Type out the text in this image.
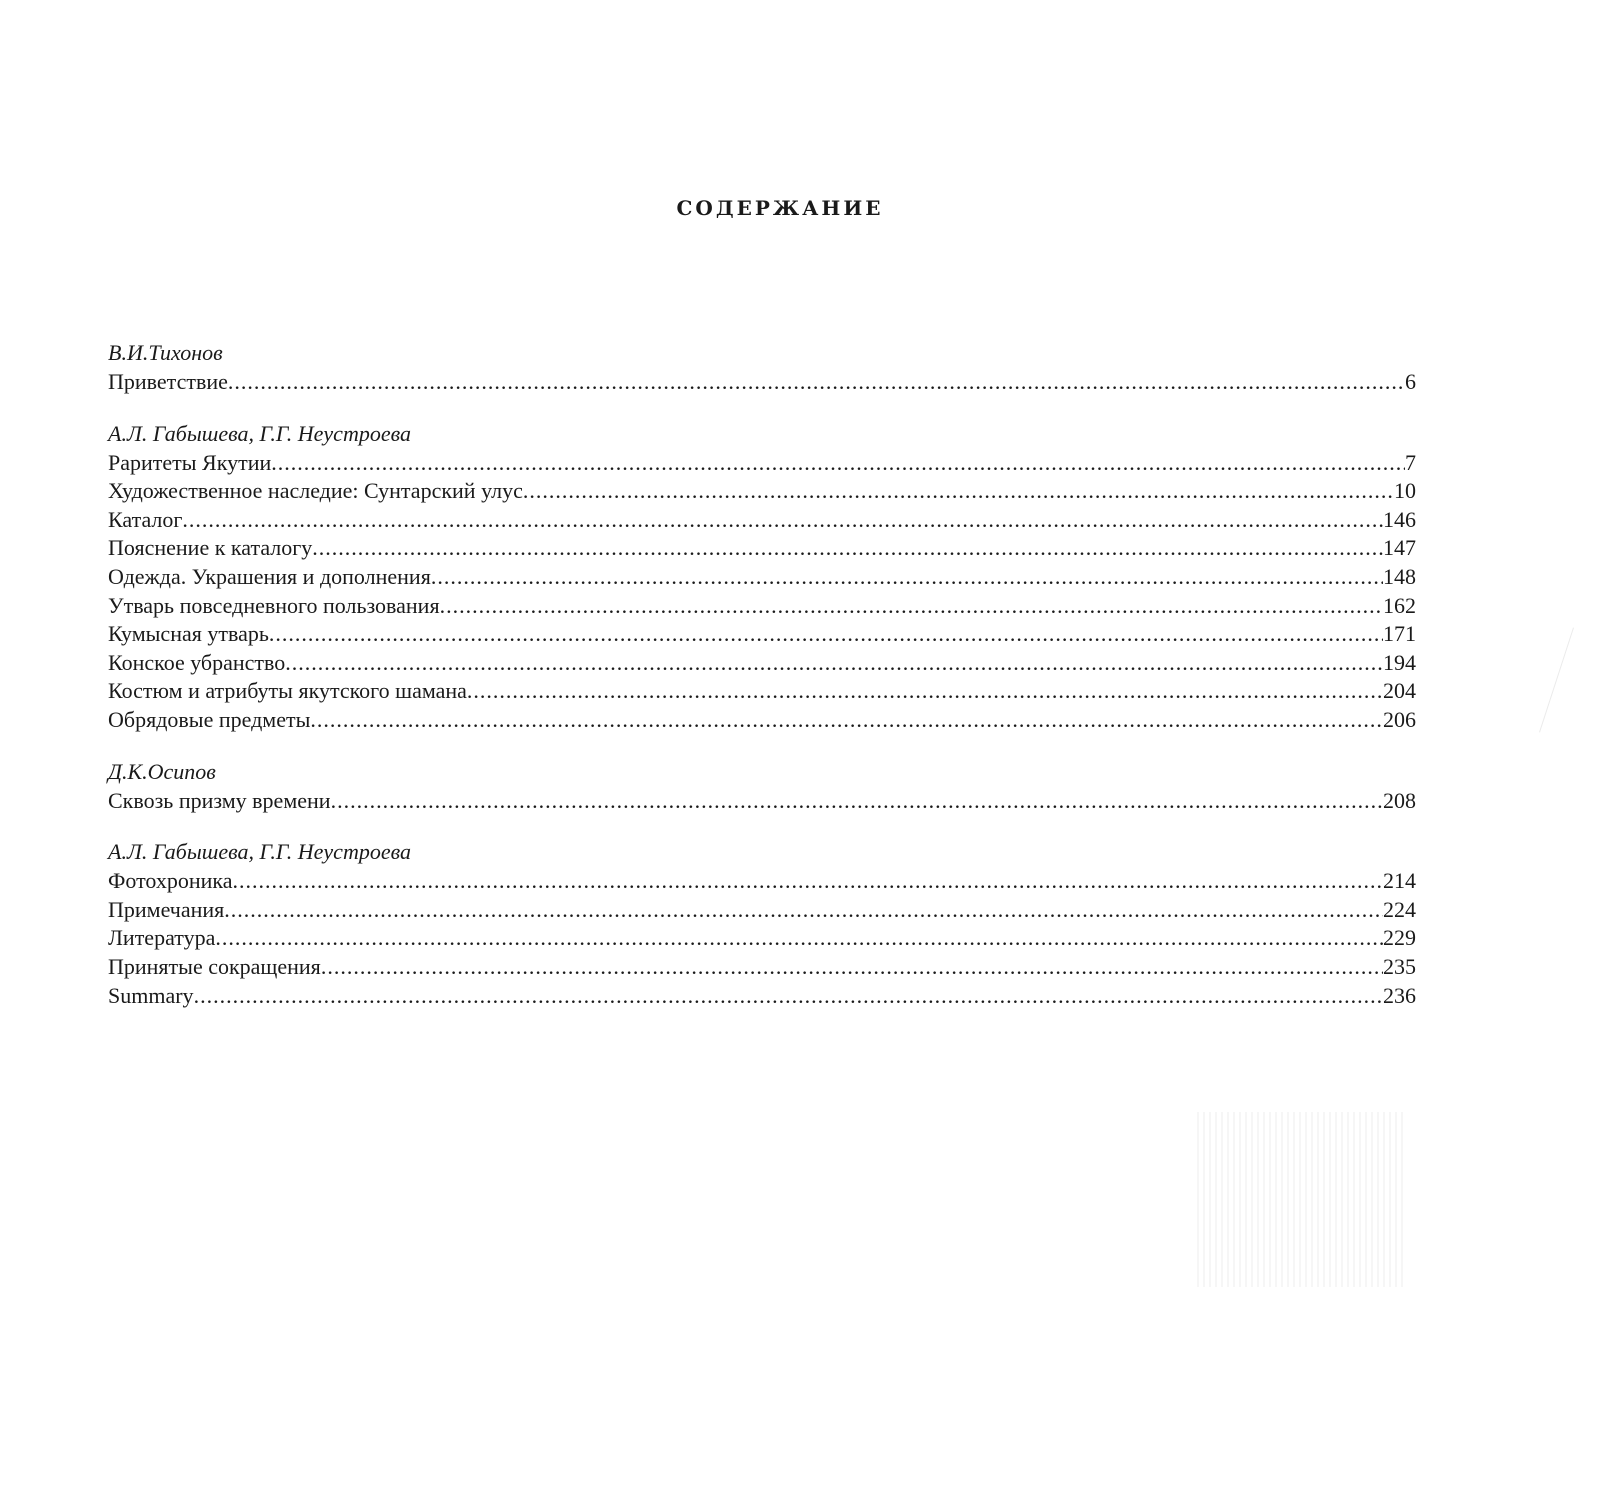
СОДЕРЖАНИЕ
В.И.Тихонов
Приветствие .....	6
А.Л. Габышева, Г.Г. Неустроева
Раритеты Якутии .....	7
Художественное наследие: Сунтарский улус .....	10
Каталог .....	146
Пояснение к каталогу .....	147
Одежда. Украшения и дополнения .....	148
Утварь повседневного пользования .....	162
Кумысная утварь .....	171
Конское убранство .....	194
Костюм и атрибуты якутского шамана .....	204
Обрядовые предметы .....	206
Д.К.Осипов
Сквозь призму времени .....	208
А.Л. Габышева, Г.Г. Неустроева
Фотохроника .....	214
Примечания .....	224
Литература .....	229
Принятые сокращения .....	235
Summary .....	236
